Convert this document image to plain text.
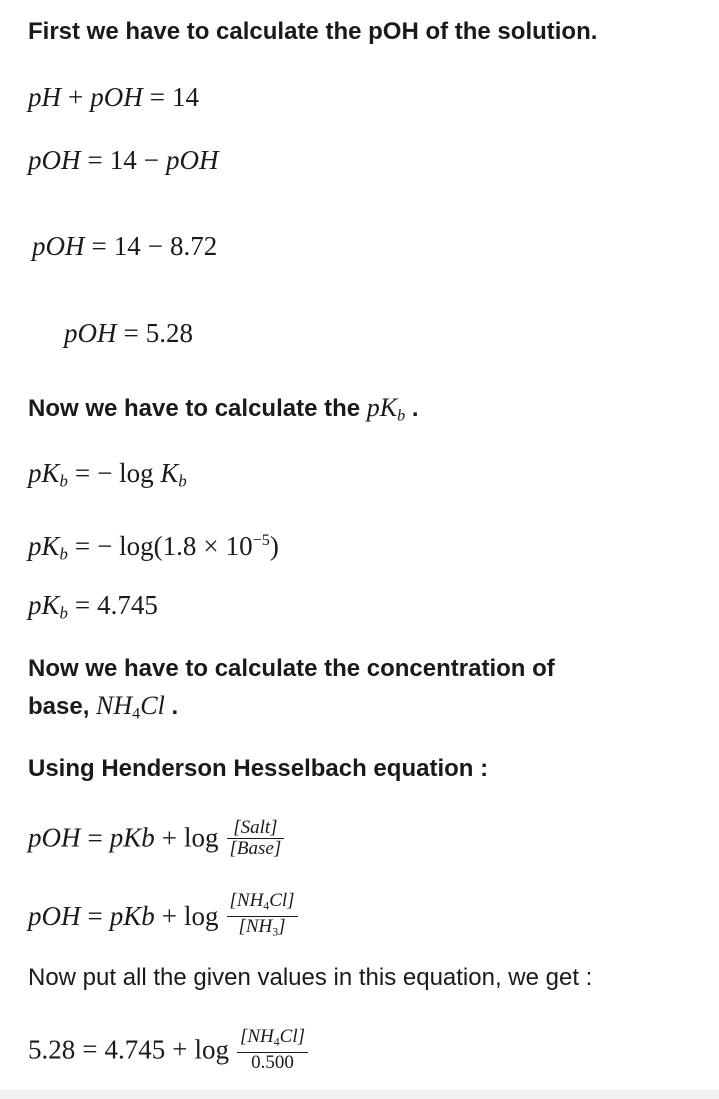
First we have to calculate the pOH of the solution.
pH + pOH = 14
pOH = 14 − pOH
pOH = 14 − 8.72
pOH = 5.28
Now we have to calculate the $pK_b$ .
$pK_b$ = − $\log K_b$
$pK_b$ = − $\log(1.8 \times 10^{-5})$
$pK_b = 4.745$
Now we have to calculate the concentration of
base, $NH_4Cl$ .
Using Henderson Hesselbach equation :
pOH = pKb + $\log \frac{\text{[Salt]}}{\text{[Base]}}$
pOH = pKb + $\log \frac{[NH_4Cl]}{[NH_3]}$
Now put all the given values in this equation, we get :
$5.28 = 4.745 + \log \frac{[NH_4Cl]}{0.500}$
